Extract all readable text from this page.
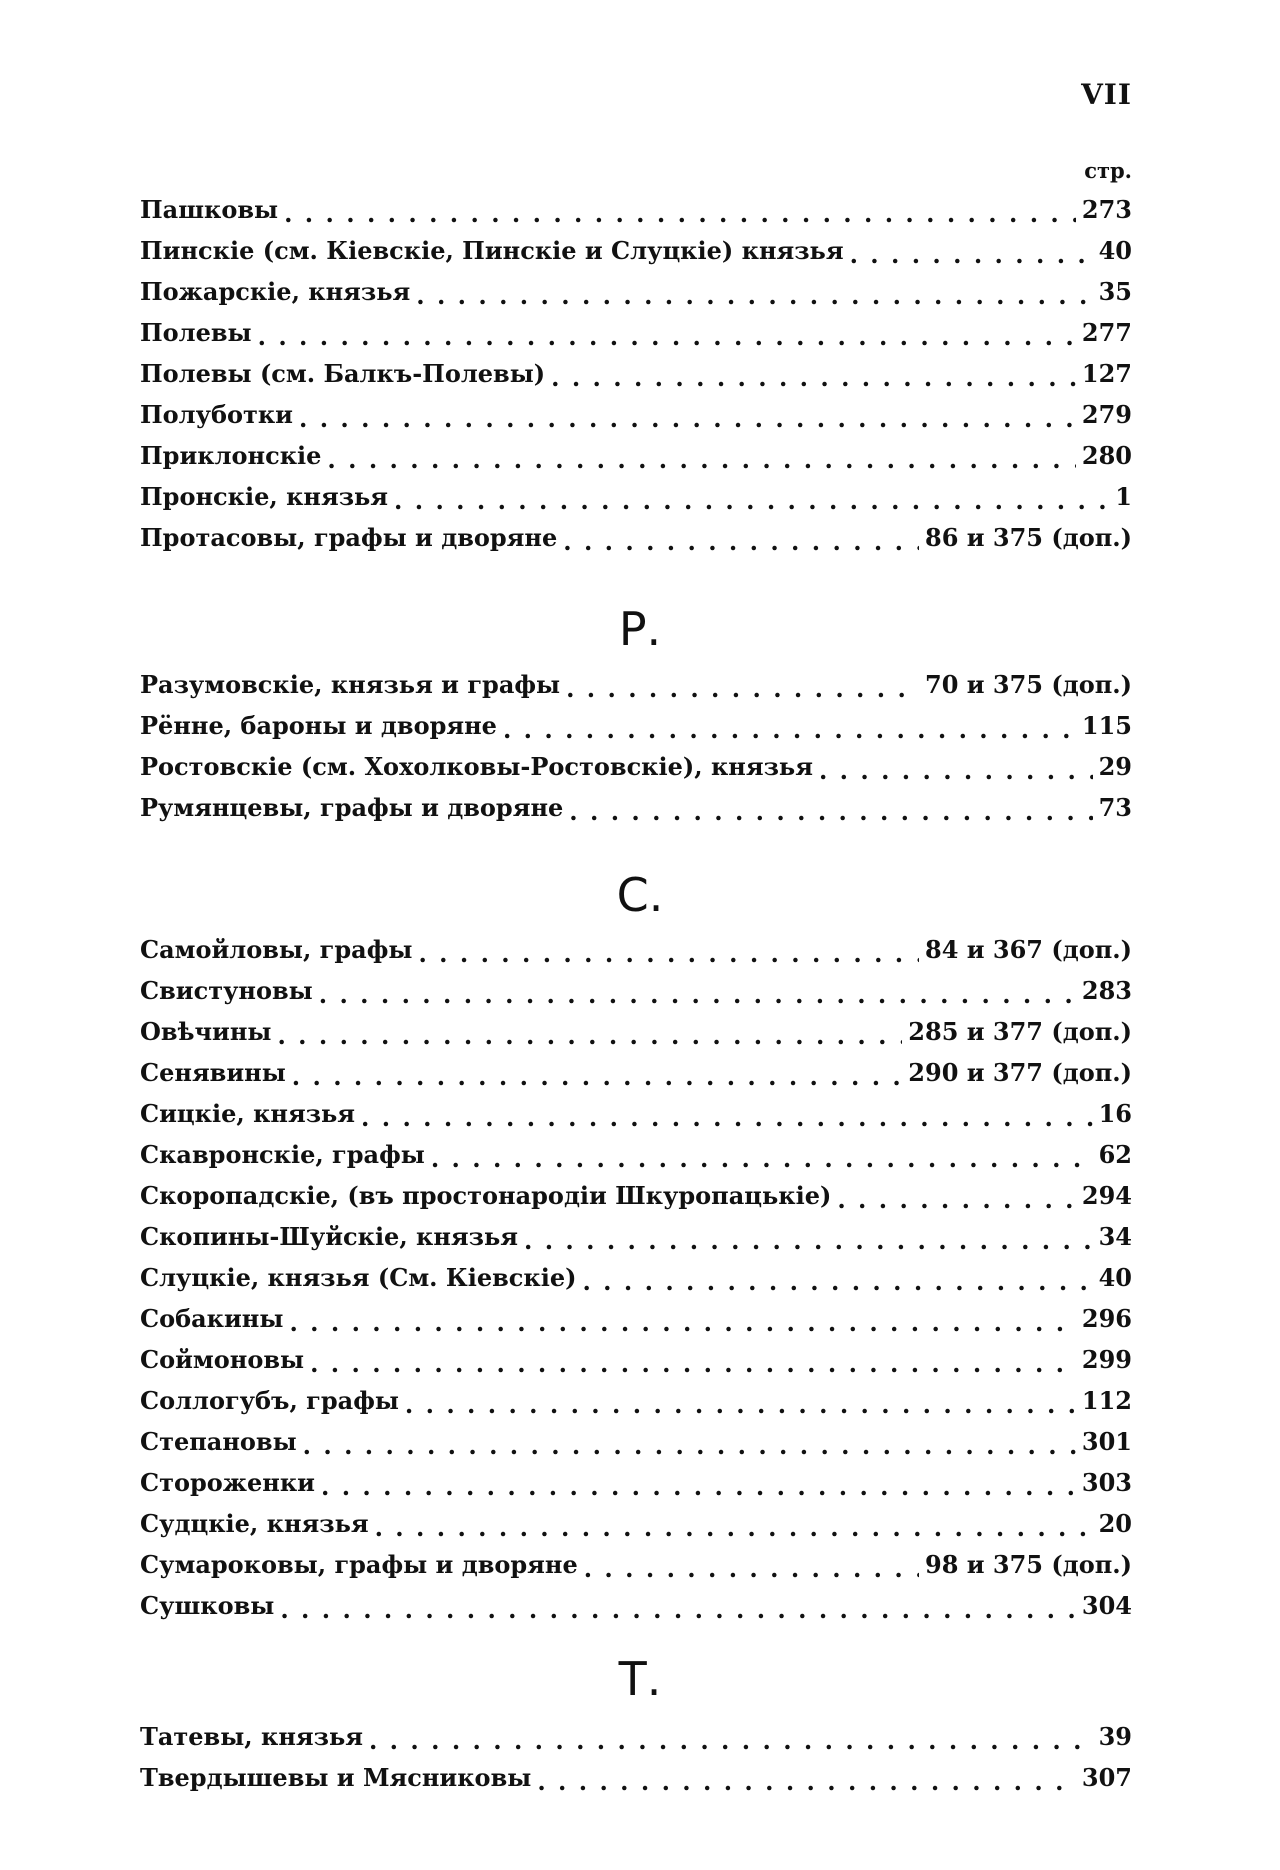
VII
стр.
Пашковы . . .	273
Пинскіе (см. Кіевскіе, Пинскіе и Слуцкіе) князья . . .	40
Пожарскіе, князья . . .	35
Полевы . . .	277
Полевы (см. Балкъ-Полевы) . . .	127
Полуботки . . .	279
Приклонскіе . . .	280
Пронскіе, князья . . .	1
Протасовы, графы и дворяне . . .	86 и 375 (доп.)
Р.
Разумовскіе, князья и графы . . .	70 и 375 (доп.)
Рённе, бароны и дворяне . . .	115
Ростовскіе (см. Хохолковы-Ростовскіе), князья . . .	29
Румянцевы, графы и дворяне . . .	73
С.
Самойловы, графы . . .	84 и 367 (доп.)
Свистуновы . . .	283
Овѣчины . . .	285 и 377 (доп.)
Сенявины . . .	290 и 377 (доп.)
Сицкіе, князья . . .	16
Скавронскіе, графы . . .	62
Скоропадскіе, (въ простонародіи Шкуропацькіе) . . .	294
Скопины-Шуйскіе, князья . . .	34
Слуцкіе, князья (См. Кіевскіе) . . .	40
Собакины . . .	296
Соймоновы . . .	299
Соллогубъ, графы . . .	112
Степановы . . .	301
Стороженки . . .	303
Судцкіе, князья . . .	20
Сумароковы, графы и дворяне . . .	98 и 375 (доп.)
Сушковы . . .	304
Т.
Татевы, князья . . .	39
Твердышевы и Мясниковы . . .	307
